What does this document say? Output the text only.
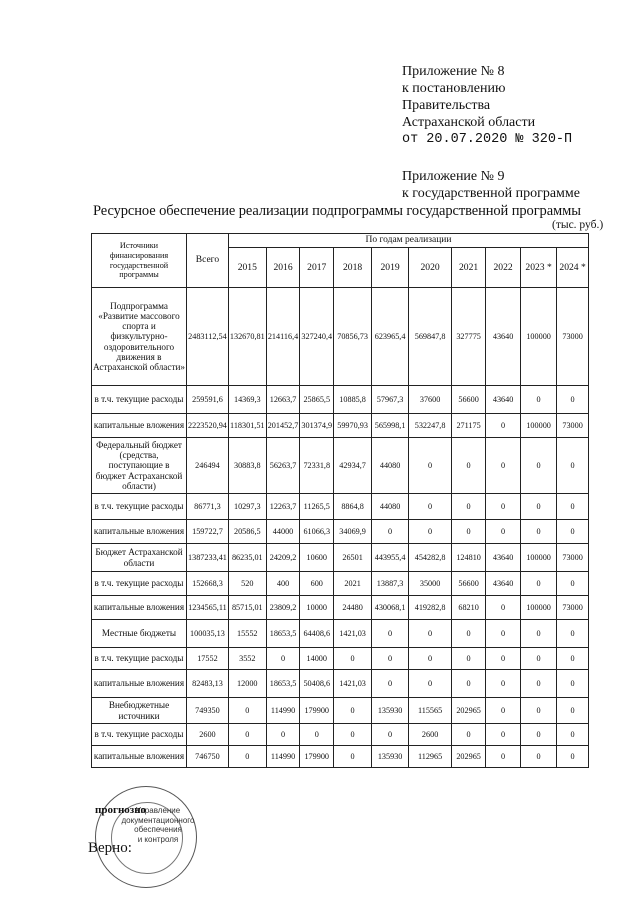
Приложение № 8
к постановлению
Правительства
Астраханской области
от 20.07.2020 № 320-П
Приложение № 9
к государственной программе
Ресурсное обеспечение реализации подпрограммы государственной программы
(тыс. руб.)
Источники финансирования государственной программы	Всего	По годам реализации									
		2015	2016	2017	2018	2019	2020	2021	2022	2023 *	2024 *
Подпрограмма «Развитие массового спорта и физкультурно-оздоровительного движения в Астраханской области»	2483112,54	132670,81	214116,4	327240,4	70856,73	623965,4	569847,8	327775	43640	100000	73000
в т.ч. текущие расходы	259591,6	14369,3	12663,7	25865,5	10885,8	57967,3	37600	56600	43640	0	0
капитальные вложения	2223520,94	118301,51	201452,7	301374,9	59970,93	565998,1	532247,8	271175	0	100000	73000
Федеральный бюджет (средства, поступающие в бюджет Астраханской области)	246494	30883,8	56263,7	72331,8	42934,7	44080	0	0	0	0	0
в т.ч. текущие расходы	86771,3	10297,3	12263,7	11265,5	8864,8	44080	0	0	0	0	0
капитальные вложения	159722,7	20586,5	44000	61066,3	34069,9	0	0	0	0	0	0
Бюджет Астраханской области	1387233,41	86235,01	24209,2	10600	26501	443955,4	454282,8	124810	43640	100000	73000
в т.ч. текущие расходы	152668,3	520	400	600	2021	13887,3	35000	56600	43640	0	0
капитальные вложения	1234565,11	85715,01	23809,2	10000	24480	430068,1	419282,8	68210	0	100000	73000
Местные бюджеты	100035,13	15552	18653,5	64408,6	1421,03	0	0	0	0	0	0
в т.ч. текущие расходы	17552	3552	0	14000	0	0	0	0	0	0	0
капитальные вложения	82483,13	12000	18653,5	50408,6	1421,03	0	0	0	0	0	0
Внебюджетные источники	749350	0	114990	179900	0	135930	115565	202965	0	0	0
в т.ч. текущие расходы	2600	0	0	0	0	0	2600	0	0	0	0
капитальные вложения	746750	0	114990	179900	0	135930	112965	202965	0	0	0
Управление
документационного
обеспечения
и контроля
прогнозно
Верно:
